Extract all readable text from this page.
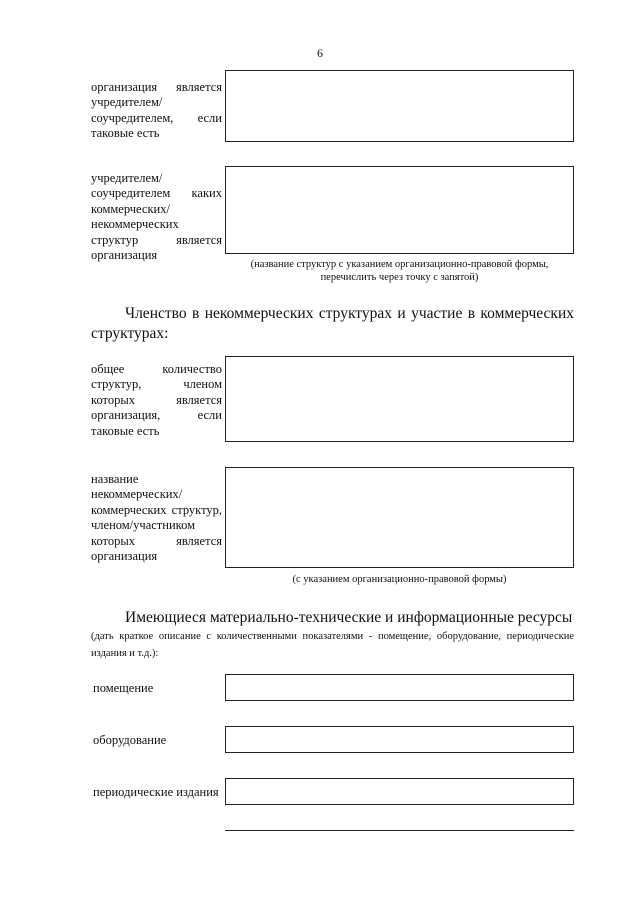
6
организация является учредителем/соучредителем, если таковые есть
учредителем/соучредителем каких коммерческих/некоммерческих структур является организация
(название структур с указанием организационно-правовой формы,
перечислить через точку с запятой)
Членство в некоммерческих структурах и участие в коммерческих структурах:
общее количество структур, членом которых является организация, если таковые есть
название некоммерческих/коммерческих структур, членом/участником которых является организация
(с указанием организационно-правовой формы)
Имеющиеся материально-технические и информационные ресурсы
(дать краткое описание с количественными показателями - помещение, оборудование, периодические издания и т.д.):
помещение
оборудование
периодические издания
